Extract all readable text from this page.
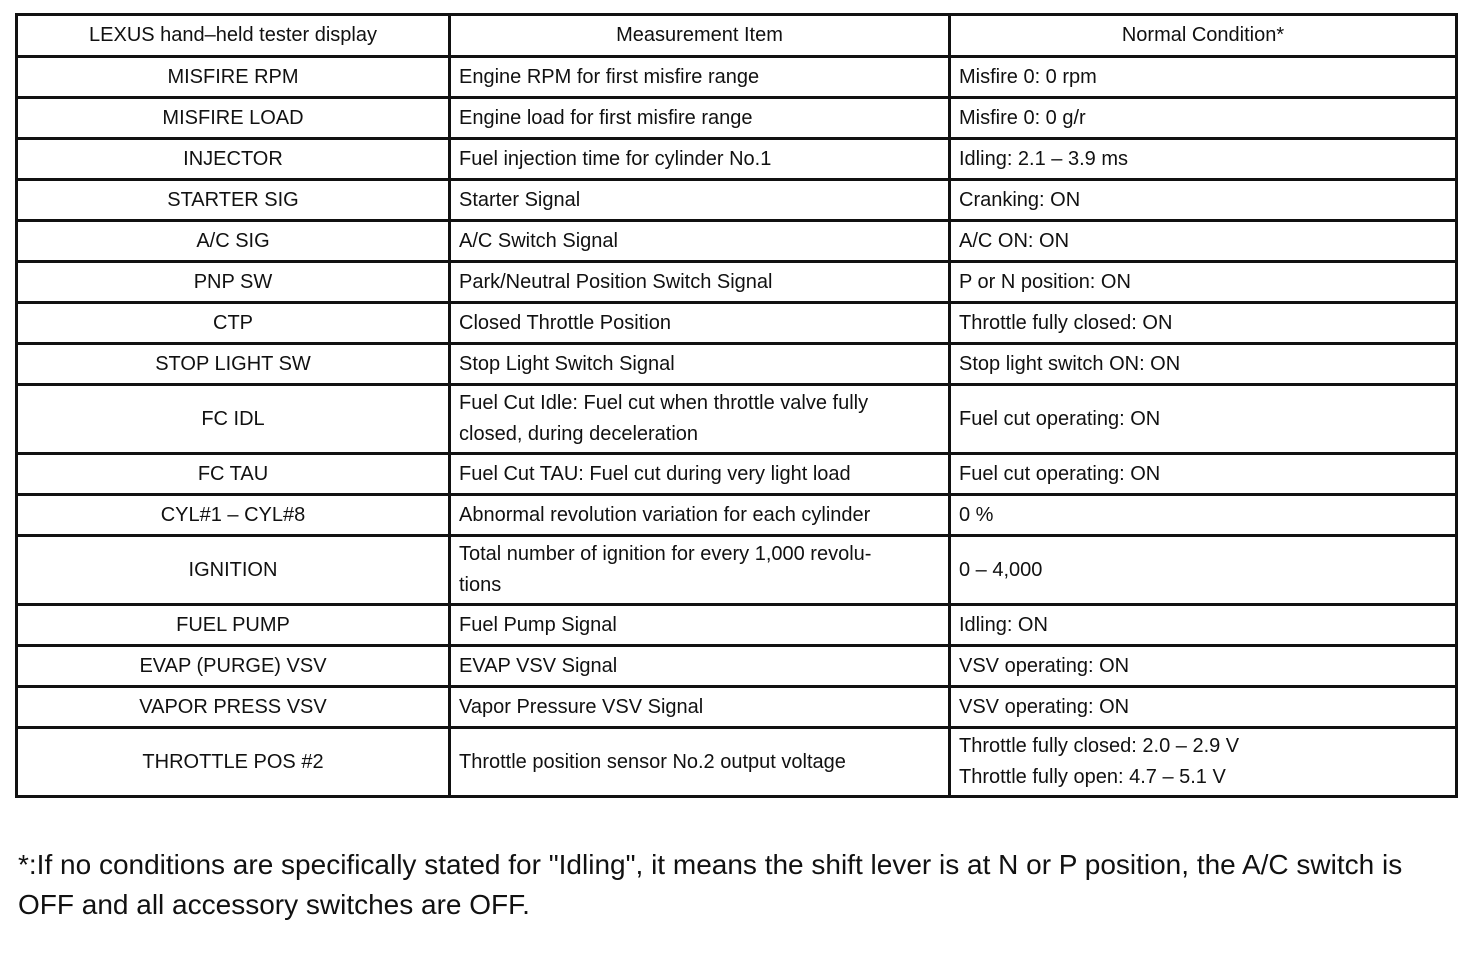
LEXUS hand–held tester display	Measurement Item	Normal Condition*
MISFIRE RPM	Engine RPM for first misfire range	Misfire 0: 0 rpm

MISFIRE LOAD	Engine load for first misfire range	Misfire 0: 0 g/r

INJECTOR	Fuel injection time for cylinder No.1	Idling: 2.1 – 3.9 ms

STARTER SIG	Starter Signal	Cranking: ON

A/C SIG	A/C Switch Signal	A/C ON: ON

PNP SW	Park/Neutral Position Switch Signal	P or N position: ON

CTP	Closed Throttle Position	Throttle fully closed: ON

STOP LIGHT SW	Stop Light Switch Signal	Stop light switch ON: ON

FC IDL	Fuel Cut Idle: Fuel cut when throttle valve fully
closed, during deceleration	Fuel cut operating: ON

FC TAU	Fuel Cut TAU: Fuel cut during very light load	Fuel cut operating: ON

CYL#1 – CYL#8	Abnormal revolution variation for each cylinder	0 %

IGNITION	Total number of ignition for every 1,000 revolu-
tions	0 – 4,000

FUEL PUMP	Fuel Pump Signal	Idling: ON

EVAP (PURGE) VSV	EVAP VSV Signal	VSV operating: ON

VAPOR PRESS VSV	Vapor Pressure VSV Signal	VSV operating: ON

THROTTLE POS #2	Throttle position sensor No.2 output voltage	Throttle fully closed: 2.0 – 2.9 V
Throttle fully open: 4.7 – 5.1 V
*:If no conditions are specifically stated for "Idling", it means the shift lever is at N or P position, the A/C switch is OFF and all accessory switches are OFF.
